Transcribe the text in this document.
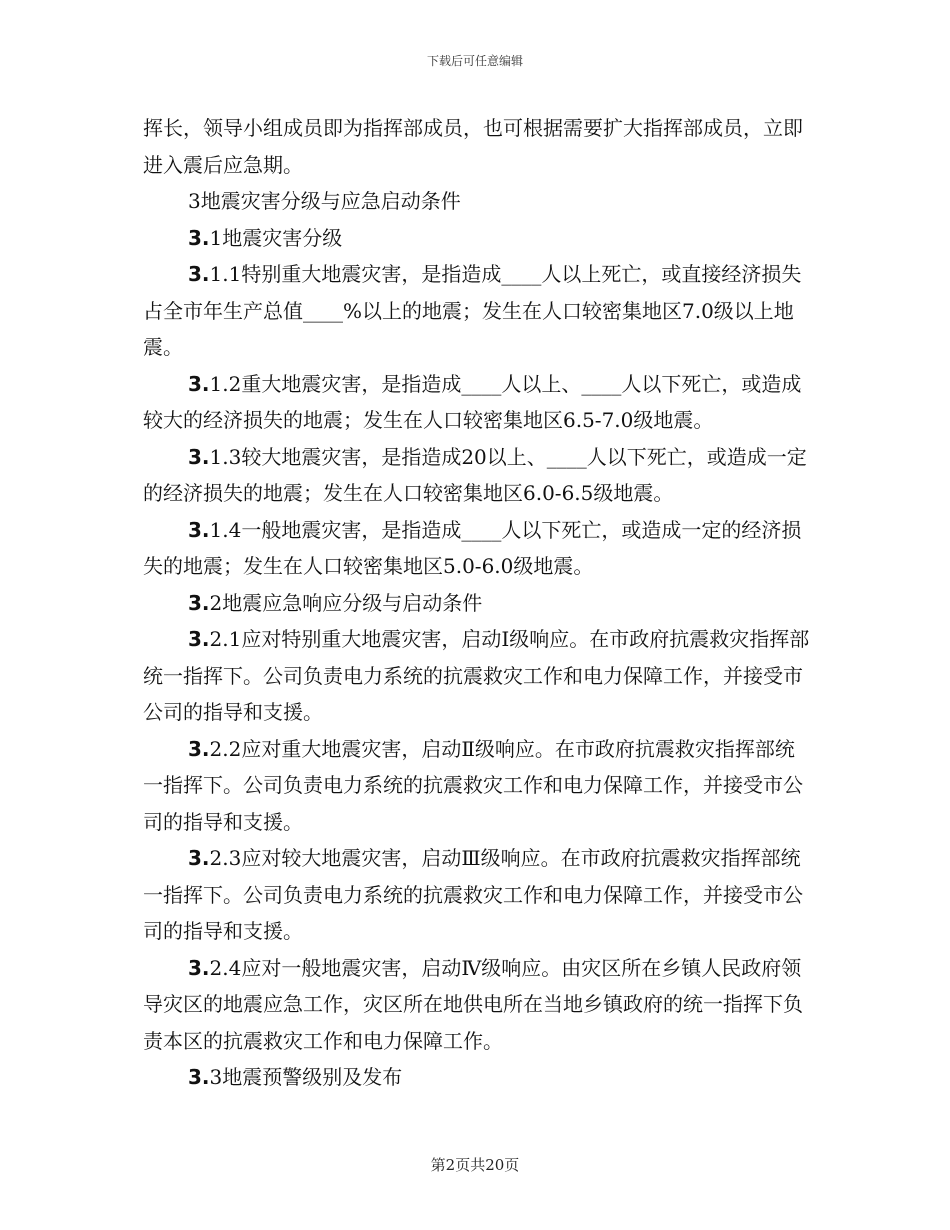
下载后可任意编辑

挥长，领导小组成员即为指挥部成员，也可根据需要扩大指挥部成员，立即进入震后应急期。

3地震灾害分级与应急启动条件

3.1地震灾害分级

3.1.1特别重大地震灾害，是指造成____人以上死亡，或直接经济损失占全市年生产总值____%以上的地震；发生在人口较密集地区7.0级以上地震。

3.1.2重大地震灾害，是指造成____人以上、____人以下死亡，或造成较大的经济损失的地震；发生在人口较密集地区6.5-7.0级地震。

3.1.3较大地震灾害，是指造成20以上、____人以下死亡，或造成一定的经济损失的地震；发生在人口较密集地区6.0-6.5级地震。

3.1.4一般地震灾害，是指造成____人以下死亡，或造成一定的经济损失的地震；发生在人口较密集地区5.0-6.0级地震。

3.2地震应急响应分级与启动条件

3.2.1应对特别重大地震灾害，启动Ⅰ级响应。在市政府抗震救灾指挥部统一指挥下。公司负责电力系统的抗震救灾工作和电力保障工作，并接受市公司的指导和支援。

3.2.2应对重大地震灾害，启动Ⅱ级响应。在市政府抗震救灾指挥部统一指挥下。公司负责电力系统的抗震救灾工作和电力保障工作，并接受市公司的指导和支援。

3.2.3应对较大地震灾害，启动Ⅲ级响应。在市政府抗震救灾指挥部统一指挥下。公司负责电力系统的抗震救灾工作和电力保障工作，并接受市公司的指导和支援。

3.2.4应对一般地震灾害，启动Ⅳ级响应。由灾区所在乡镇人民政府领导灾区的地震应急工作，灾区所在地供电所在当地乡镇政府的统一指挥下负责本区的抗震救灾工作和电力保障工作。

3.3地震预警级别及发布

第2页共20页
